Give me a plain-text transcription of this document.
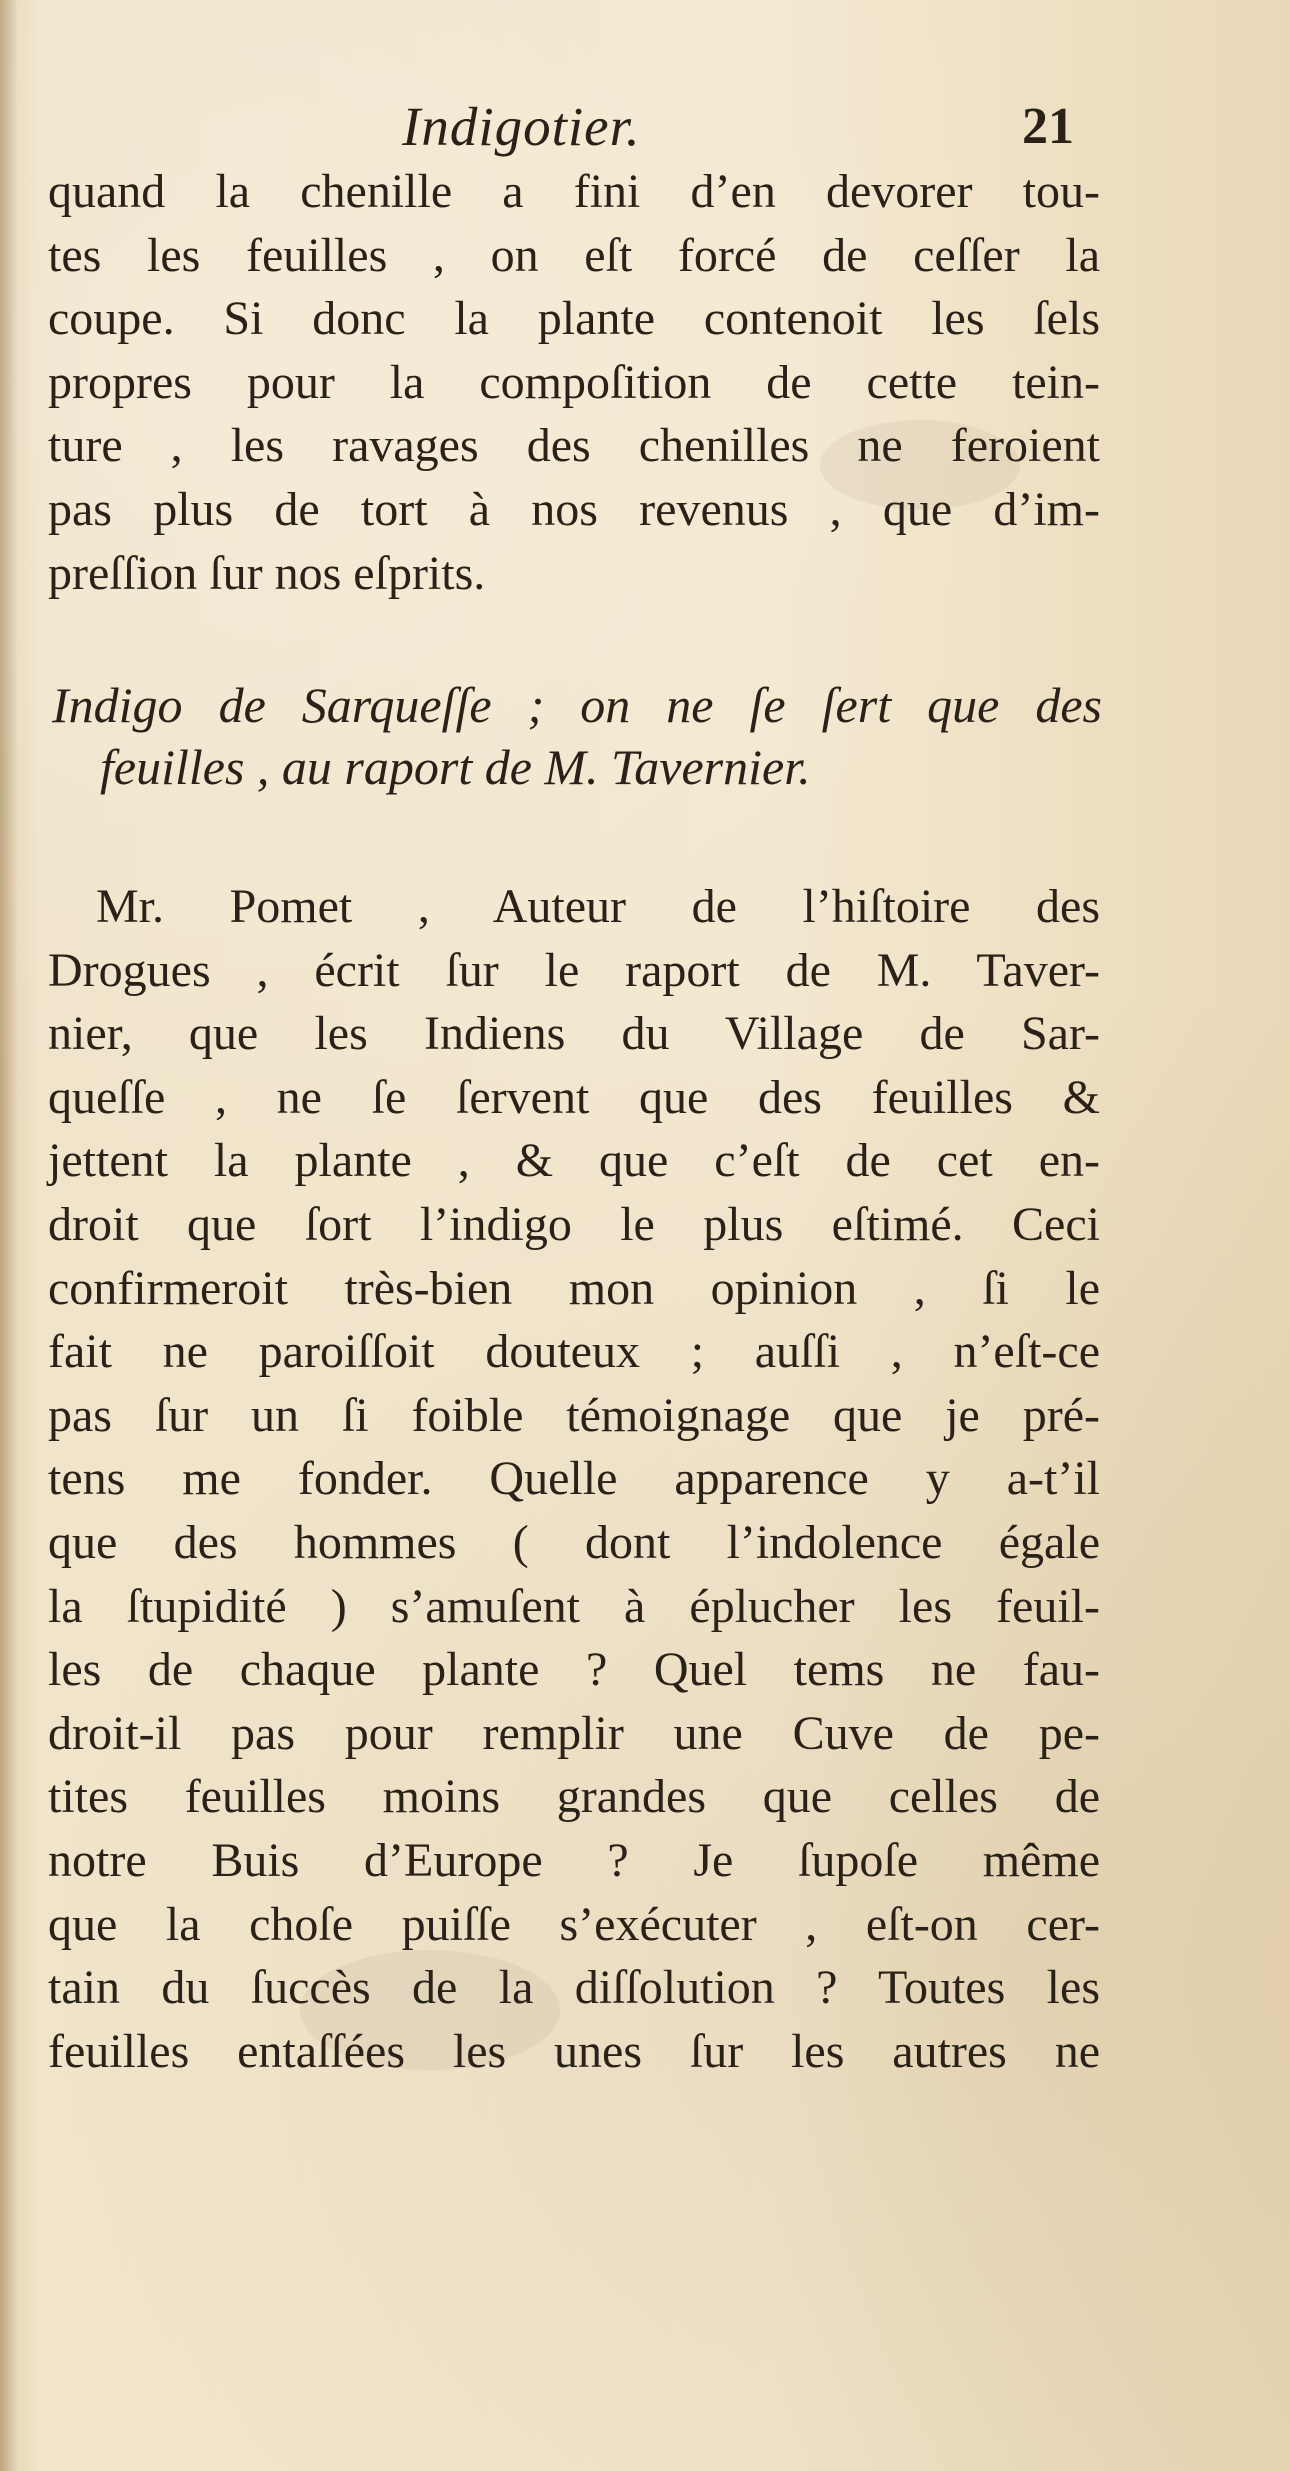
Indigotier.	21
quand la chenille a fini d’en devorer tou-
tes les feuilles , on eſt forcé de ceſſer la
coupe. Si donc la plante contenoit les ſels
propres pour la compoſition de cette tein-
ture , les ravages des chenilles ne feroient
pas plus de tort à nos revenus , que d’im-
preſſion ſur nos eſprits.
Indigo de Sarqueſſe ; on ne ſe ſert que des
feuilles , au raport de M. Tavernier.
Mr. Pomet , Auteur de l’hiſtoire des
Drogues , écrit ſur le raport de M. Taver-
nier, que les Indiens du Village de Sar-
queſſe , ne ſe ſervent que des feuilles &
jettent la plante , & que c’eſt de cet en-
droit que ſort l’indigo le plus eſtimé. Ceci
confirmeroit très-bien mon opinion , ſi le
fait ne paroiſſoit douteux ; auſſi , n’eſt-ce
pas ſur un ſi foible témoignage que je pré-
tens me fonder. Quelle apparence y a-t’il
que des hommes ( dont l’indolence égale
la ſtupidité ) s’amuſent à éplucher les feuil-
les de chaque plante ? Quel tems ne fau-
droit-il pas pour remplir une Cuve de pe-
tites feuilles moins grandes que celles de
notre Buis d’Europe ? Je ſupoſe même
que la choſe puiſſe s’exécuter , eſt-on cer-
tain du ſuccès de la diſſolution ? Toutes les
feuilles entaſſées les unes ſur les autres ne
